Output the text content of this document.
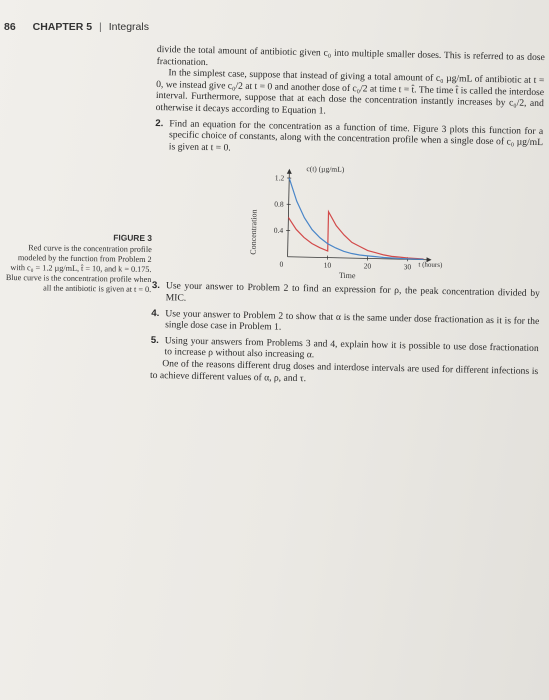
86 CHAPTER 5 | Integrals
FIGURE 3
Red curve is the concentration profile modeled by the function from Problem 2 with c₀ = 1.2 µg/mL, t̂ = 10, and k = 0.175. Blue curve is the concentration profile when all the antibiotic is given at t = 0.

divide the total amount of antibiotic given c₀ into multiple smaller doses. This is referred to as dose fractionation.

In the simplest case, suppose that instead of giving a total amount of c₀ µg/mL of antibiotic at t = 0, we instead give c₀/2 at t = 0 and another dose of c₀/2 at time t = t̂. The time t̂ is called the interdose interval. Furthermore, suppose that at each dose the concentration instantly increases by c₀/2, and otherwise it decays according to Equation 1.

2. Find an equation for the concentration as a function of time. Figure 3 plots this function for a specific choice of constants, along with the concentration profile when a single dose of c₀ µg/mL is given at t = 0.

0.4
0.8
1.2
10	20	30
0
Concentration
c(t) (µg/mL)
t (hours)
Time
3. Use your answer to Problem 2 to find an expression for ρ, the peak concentration divided by MIC.

4. Use your answer to Problem 2 to show that α is the same under dose fractionation as it is for the single dose case in Problem 1.

5. Using your answers from Problems 3 and 4, explain how it is possible to use dose fractionation to increase ρ without also increasing α.

One of the reasons different drug doses and interdose intervals are used for different infections is to achieve different values of α, ρ, and τ.
